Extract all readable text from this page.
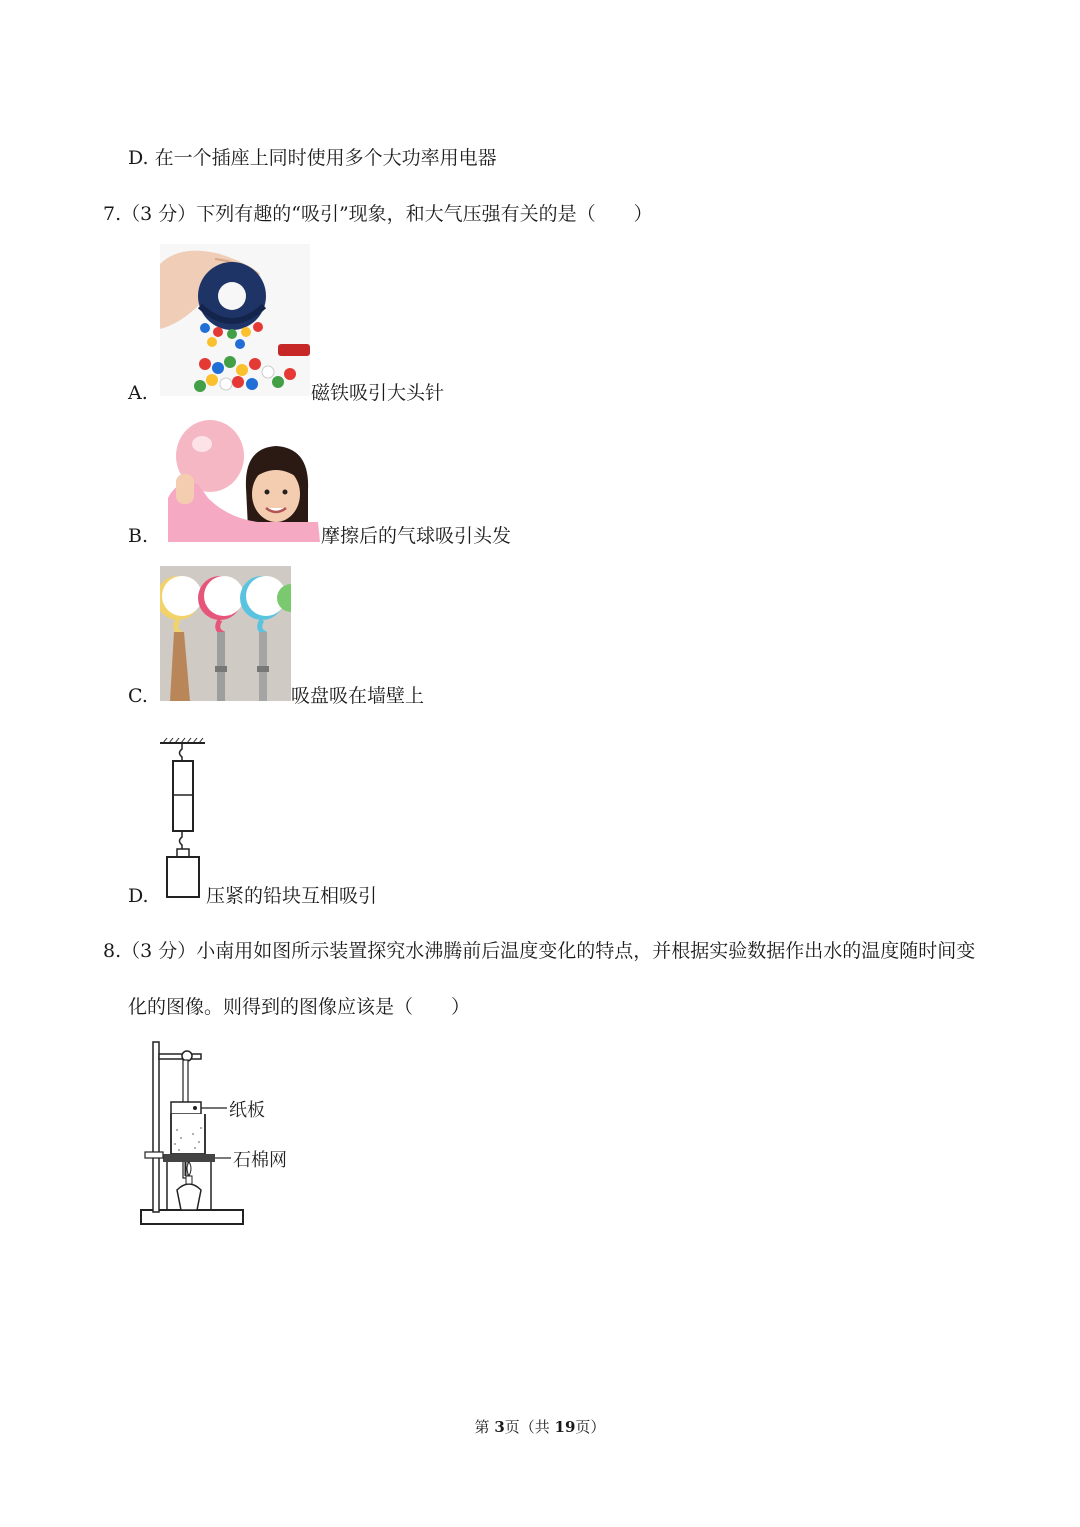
D. 在一个插座上同时使用多个大功率用电器
7.（3 分）下列有趣的“吸引”现象，和大气压强有关的是（　　）
A.	磁铁吸引大头针
B.	摩擦后的气球吸引头发
C.	吸盘吸在墙壁上
D.	压紧的铅块互相吸引
8.（3 分）小南用如图所示装置探究水沸腾前后温度变化的特点，并根据实验数据作出水的温度随时间变
化的图像。则得到的图像应该是（　　）
纸板
石棉网
第 3页（共 19页）
